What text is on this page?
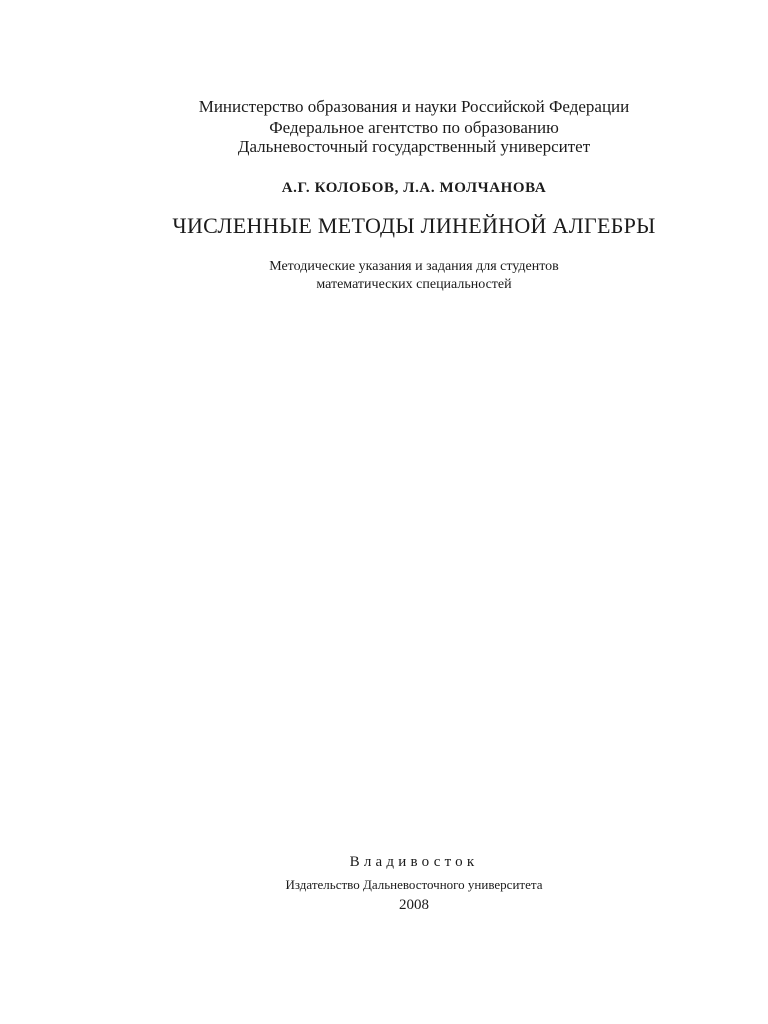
Министерство образования и науки Российской Федерации
Федеральное агентство по образованию
Дальневосточный государственный университет
А.Г. КОЛОБОВ, Л.А. МОЛЧАНОВА
ЧИСЛЕННЫЕ МЕТОДЫ ЛИНЕЙНОЙ АЛГЕБРЫ
Методические указания и задания для студентов
математических специальностей
Владивосток
Издательство Дальневосточного университета
2008
